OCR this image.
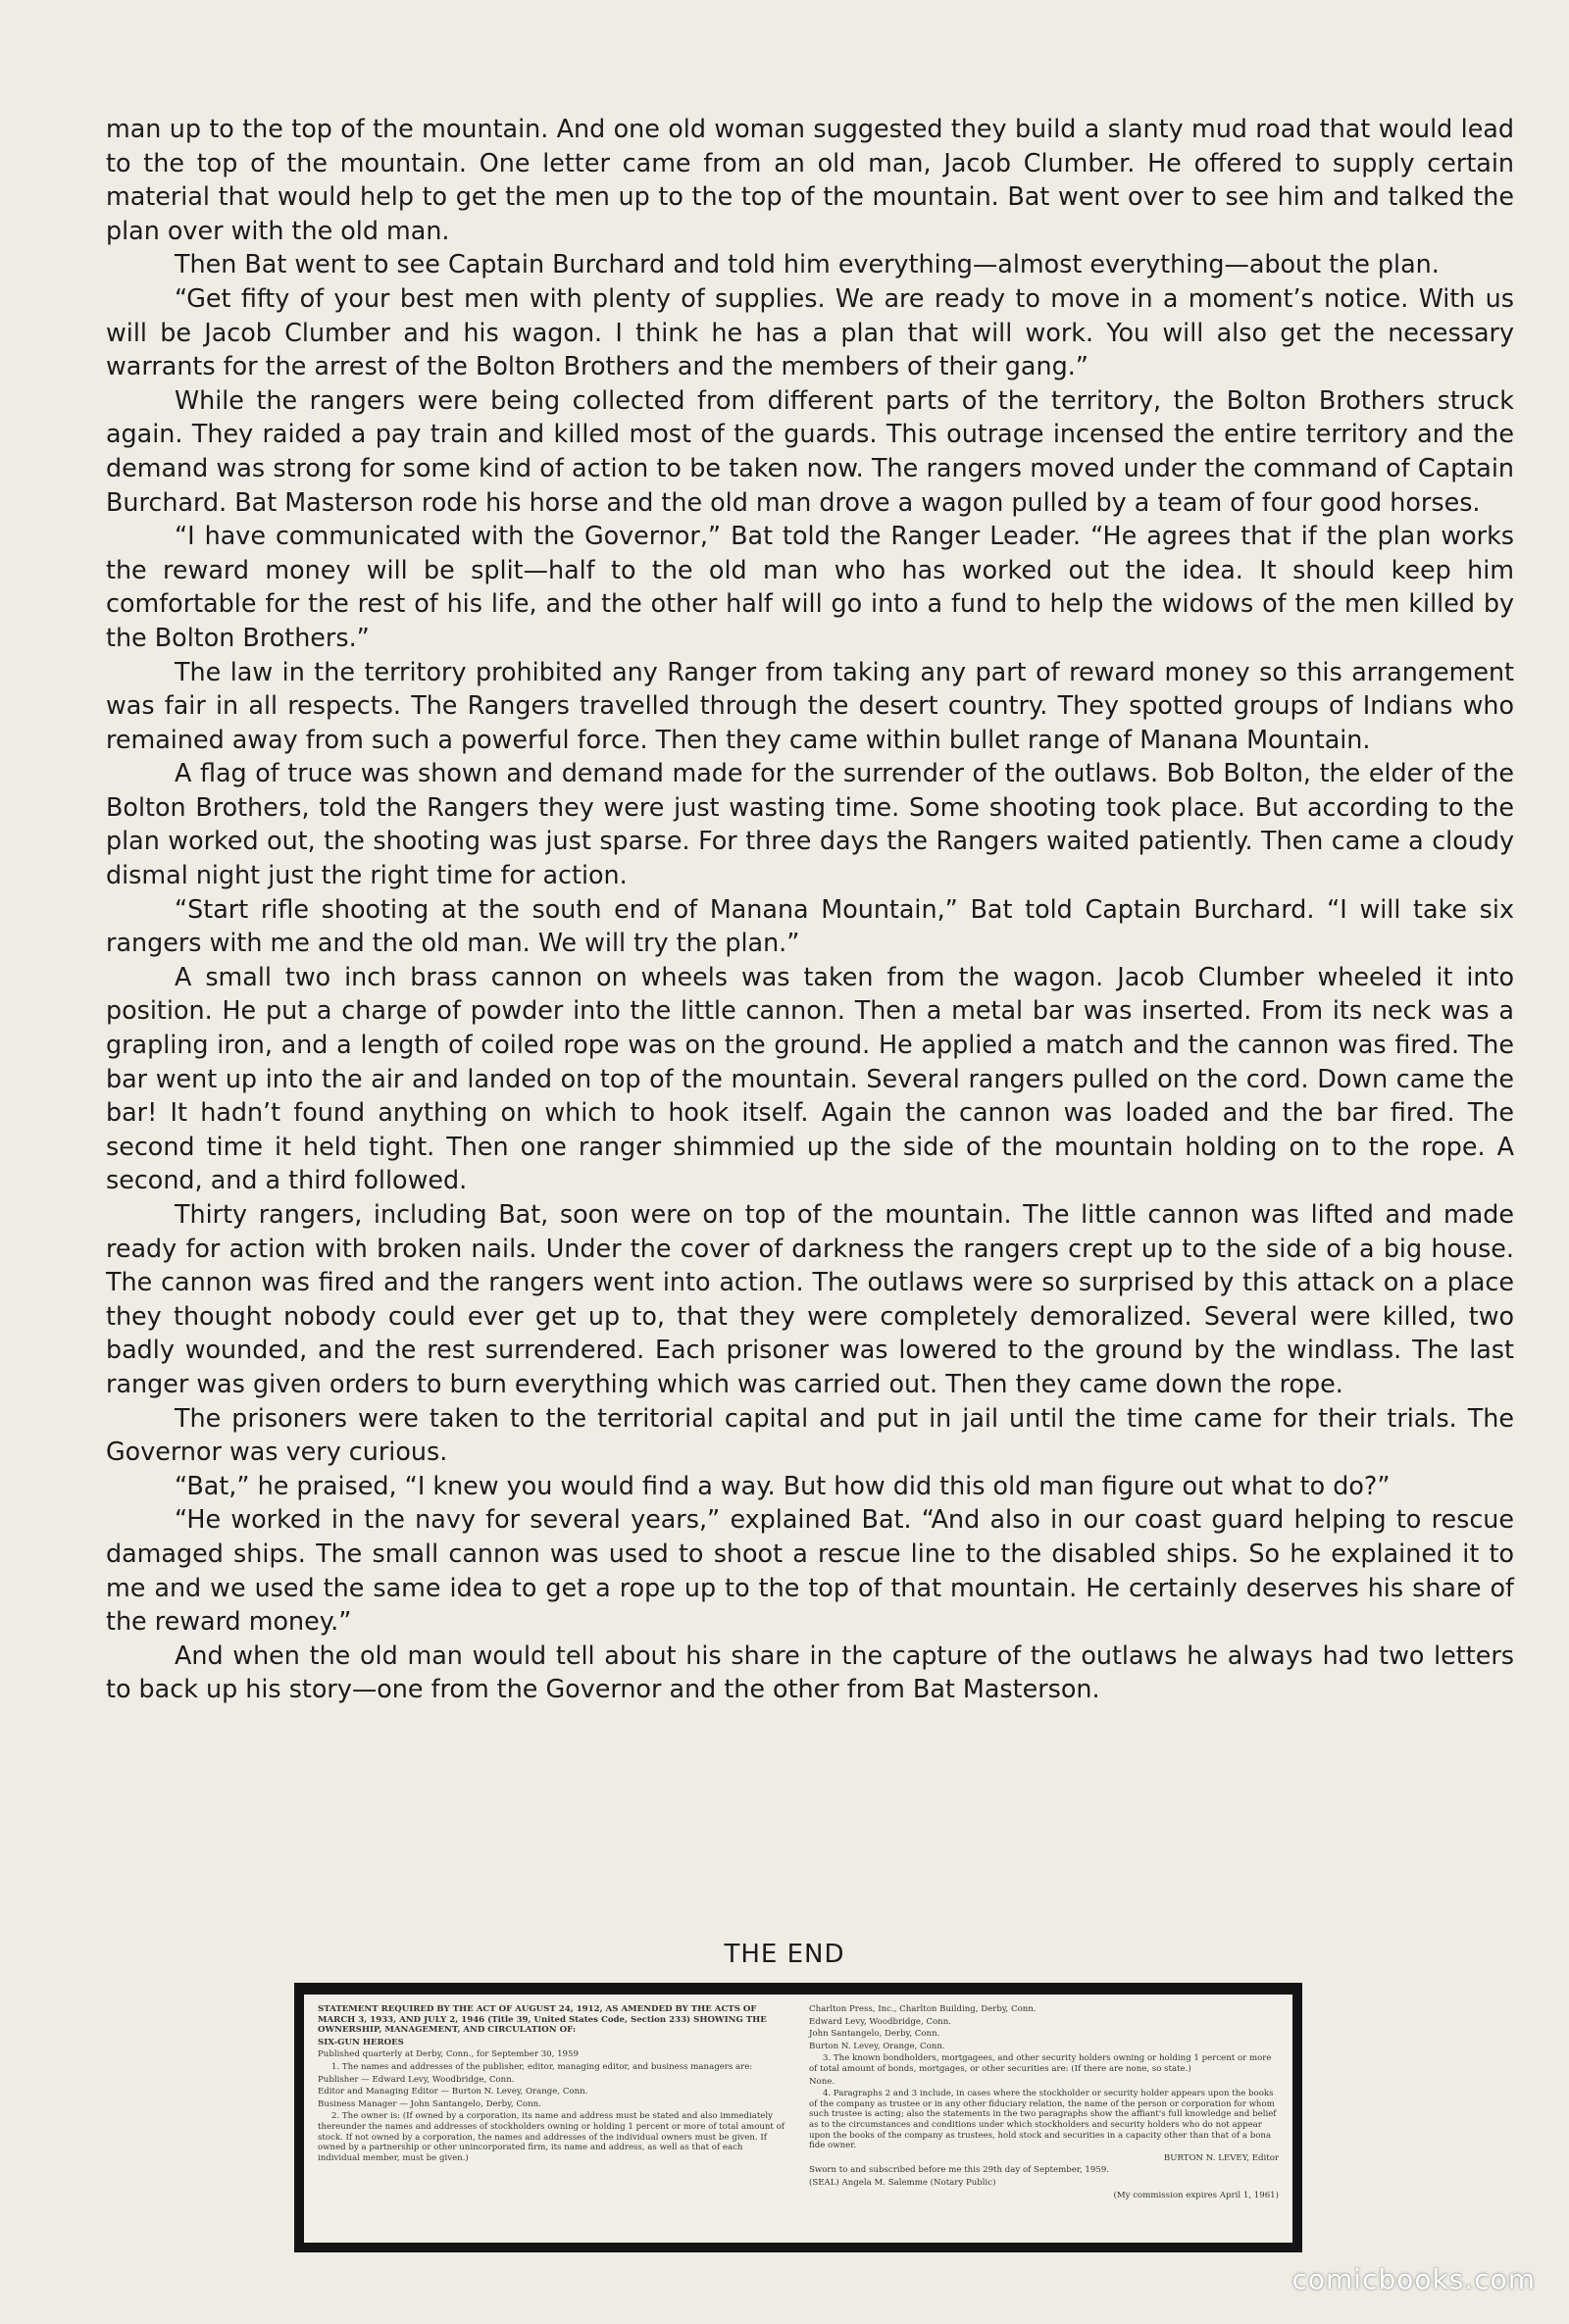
man up to the top of the mountain. And one old woman suggested they build a slanty mud road that would lead to the top of the mountain. One letter came from an old man, Jacob Clumber. He offered to supply certain material that would help to get the men up to the top of the mountain. Bat went over to see him and talked the plan over with the old man.

Then Bat went to see Captain Burchard and told him everything—almost everything—about the plan.

“Get fifty of your best men with plenty of supplies. We are ready to move in a moment’s notice. With us will be Jacob Clumber and his wagon. I think he has a plan that will work. You will also get the necessary warrants for the arrest of the Bolton Brothers and the members of their gang.”

While the rangers were being collected from different parts of the territory, the Bolton Brothers struck again. They raided a pay train and killed most of the guards. This outrage incensed the entire territory and the demand was strong for some kind of action to be taken now. The rangers moved under the command of Captain Burchard. Bat Masterson rode his horse and the old man drove a wagon pulled by a team of four good horses.

“I have communicated with the Governor,” Bat told the Ranger Leader. “He agrees that if the plan works the reward money will be split—half to the old man who has worked out the idea. It should keep him comfortable for the rest of his life, and the other half will go into a fund to help the widows of the men killed by the Bolton Brothers.”

The law in the territory prohibited any Ranger from taking any part of reward money so this arrangement was fair in all respects. The Rangers travelled through the desert country. They spotted groups of Indians who remained away from such a powerful force. Then they came within bullet range of Manana Mountain.

A flag of truce was shown and demand made for the surrender of the outlaws. Bob Bolton, the elder of the Bolton Brothers, told the Rangers they were just wasting time. Some shooting took place. But according to the plan worked out, the shooting was just sparse. For three days the Rangers waited patiently. Then came a cloudy dismal night just the right time for action.

“Start rifle shooting at the south end of Manana Mountain,” Bat told Captain Burchard. “I will take six rangers with me and the old man. We will try the plan.”

A small two inch brass cannon on wheels was taken from the wagon. Jacob Clumber wheeled it into position. He put a charge of powder into the little cannon. Then a metal bar was inserted. From its neck was a grapling iron, and a length of coiled rope was on the ground. He applied a match and the cannon was fired. The bar went up into the air and landed on top of the mountain. Several rangers pulled on the cord. Down came the bar! It hadn’t found anything on which to hook itself. Again the cannon was loaded and the bar fired. The second time it held tight. Then one ranger shimmied up the side of the mountain holding on to the rope. A second, and a third followed.

Thirty rangers, including Bat, soon were on top of the mountain. The little cannon was lifted and made ready for action with broken nails. Under the cover of darkness the rangers crept up to the side of a big house. The cannon was fired and the rangers went into action. The outlaws were so surprised by this attack on a place they thought nobody could ever get up to, that they were completely demoralized. Several were killed, two badly wounded, and the rest surrendered. Each prisoner was lowered to the ground by the windlass. The last ranger was given orders to burn everything which was carried out. Then they came down the rope.

The prisoners were taken to the territorial capital and put in jail until the time came for their trials. The Governor was very curious.

“Bat,” he praised, “I knew you would find a way. But how did this old man figure out what to do?”

“He worked in the navy for several years,” explained Bat. “And also in our coast guard helping to rescue damaged ships. The small cannon was used to shoot a rescue line to the disabled ships. So he explained it to me and we used the same idea to get a rope up to the top of that mountain. He certainly deserves his share of the reward money.”

And when the old man would tell about his share in the capture of the outlaws he always had two letters to back up his story—one from the Governor and the other from Bat Masterson.

THE END

STATEMENT REQUIRED BY THE ACT OF AUGUST 24, 1912, AS AMENDED BY THE ACTS OF MARCH 3, 1933, AND JULY 2, 1946 (Title 39, United States Code, Section 233) SHOWING THE OWNERSHIP, MANAGEMENT, AND CIRCULATION OF:

SIX-GUN HEROES

Published quarterly at Derby, Conn., for September 30, 1959

1. The names and addresses of the publisher, editor, managing editor, and business managers are:

Publisher — Edward Levy, Woodbridge, Conn.

Editor and Managing Editor — Burton N. Levey, Orange, Conn.

Business Manager — John Santangelo, Derby, Conn.

2. The owner is: (If owned by a corporation, its name and address must be stated and also immediately thereunder the names and addresses of stockholders owning or holding 1 percent or more of total amount of stock. If not owned by a corporation, the names and addresses of the individual owners must be given. If owned by a partnership or other unincorporated firm, its name and address, as well as that of each individual member, must be given.)

Charlton Press, Inc., Charlton Building, Derby, Conn.

Edward Levy, Woodbridge, Conn.

John Santangelo, Derby, Conn.

Burton N. Levey, Orange, Conn.

3. The known bondholders, mortgagees, and other security holders owning or holding 1 percent or more of total amount of bonds, mortgages, or other securities are: (If there are none, so state.)

None.

4. Paragraphs 2 and 3 include, in cases where the stockholder or security holder appears upon the books of the company as trustee or in any other fiduciary relation, the name of the person or corporation for whom such trustee is acting; also the statements in the two paragraphs show the affiant's full knowledge and belief as to the circumstances and conditions under which stockholders and security holders who do not appear upon the books of the company as trustees, hold stock and securities in a capacity other than that of a bona fide owner.

BURTON N. LEVEY, Editor

Sworn to and subscribed before me this 29th day of September, 1959.

(SEAL) Angela M. Salemme (Notary Public)

(My commission expires April 1, 1961)

comicbooks.com
